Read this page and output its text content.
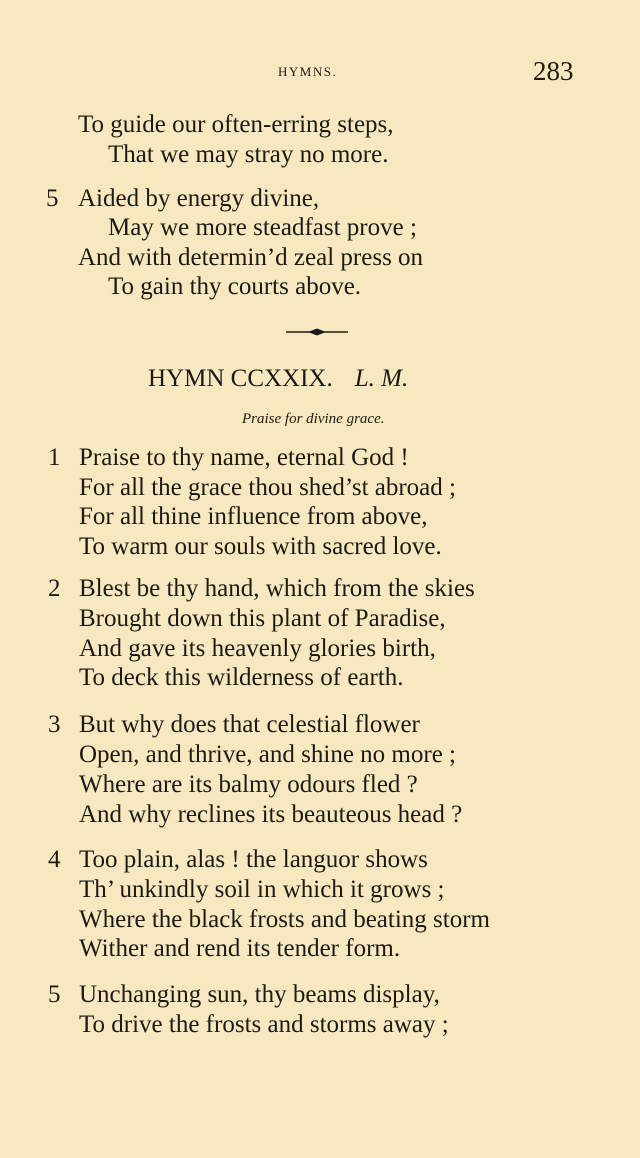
HYMNS.	283
To guide our often-erring steps,
That we may stray no more.
5 Aided by energy divine,
May we more steadfast prove ;
And with determin’d zeal press on
To gain thy courts above.
HYMN CCXXIX. L. M.
Praise for divine grace.
1 Praise to thy name, eternal God !
For all the grace thou shed’st abroad ;
For all thine influence from above,
To warm our souls with sacred love.
2 Blest be thy hand, which from the skies
Brought down this plant of Paradise,
And gave its heavenly glories birth,
To deck this wilderness of earth.
3 But why does that celestial flower
Open, and thrive, and shine no more ;
Where are its balmy odours fled ?
And why reclines its beauteous head ?
4 Too plain, alas ! the languor shows
Th’ unkindly soil in which it grows ;
Where the black frosts and beating storm
Wither and rend its tender form.
5 Unchanging sun, thy beams display,
To drive the frosts and storms away ;
